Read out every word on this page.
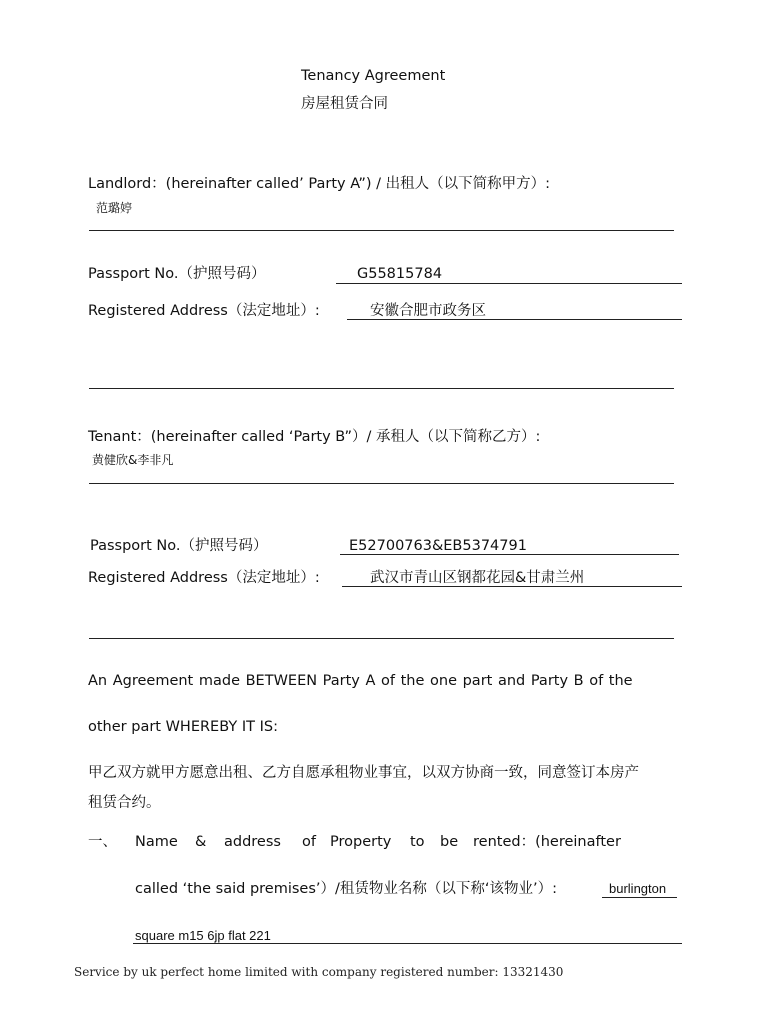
Tenancy Agreement
房屋租赁合同
Landlord：(hereinafter called’ Party A”) / 出租人（以下简称甲方）:
范璐婷
Passport No.（护照号码）	G55815784
Registered Address（法定地址）:	安徽合肥市政务区
Tenant：(hereinafter called ‘Party B”）/ 承租人（以下简称乙方）:
黄健欣&李非凡
Passport No.（护照号码）	E52700763&EB5374791
Registered Address（法定地址）:	武汉市青山区钢都花园&甘肃兰州
An Agreement made BETWEEN Party A of the one part and Party B of the
other part WHEREBY IT IS:
甲乙双方就甲方愿意出租、乙方自愿承租物业事宜，以双方协商一致，同意签订本房产
租赁合约。
一、 Name & address of Property to be rented：(hereinafter
called ‘the said premises’）/租赁物业名称（以下称‘该物业’）:	burlington
square m15 6jp flat 221
Service by uk perfect home limited with company registered number: 13321430
